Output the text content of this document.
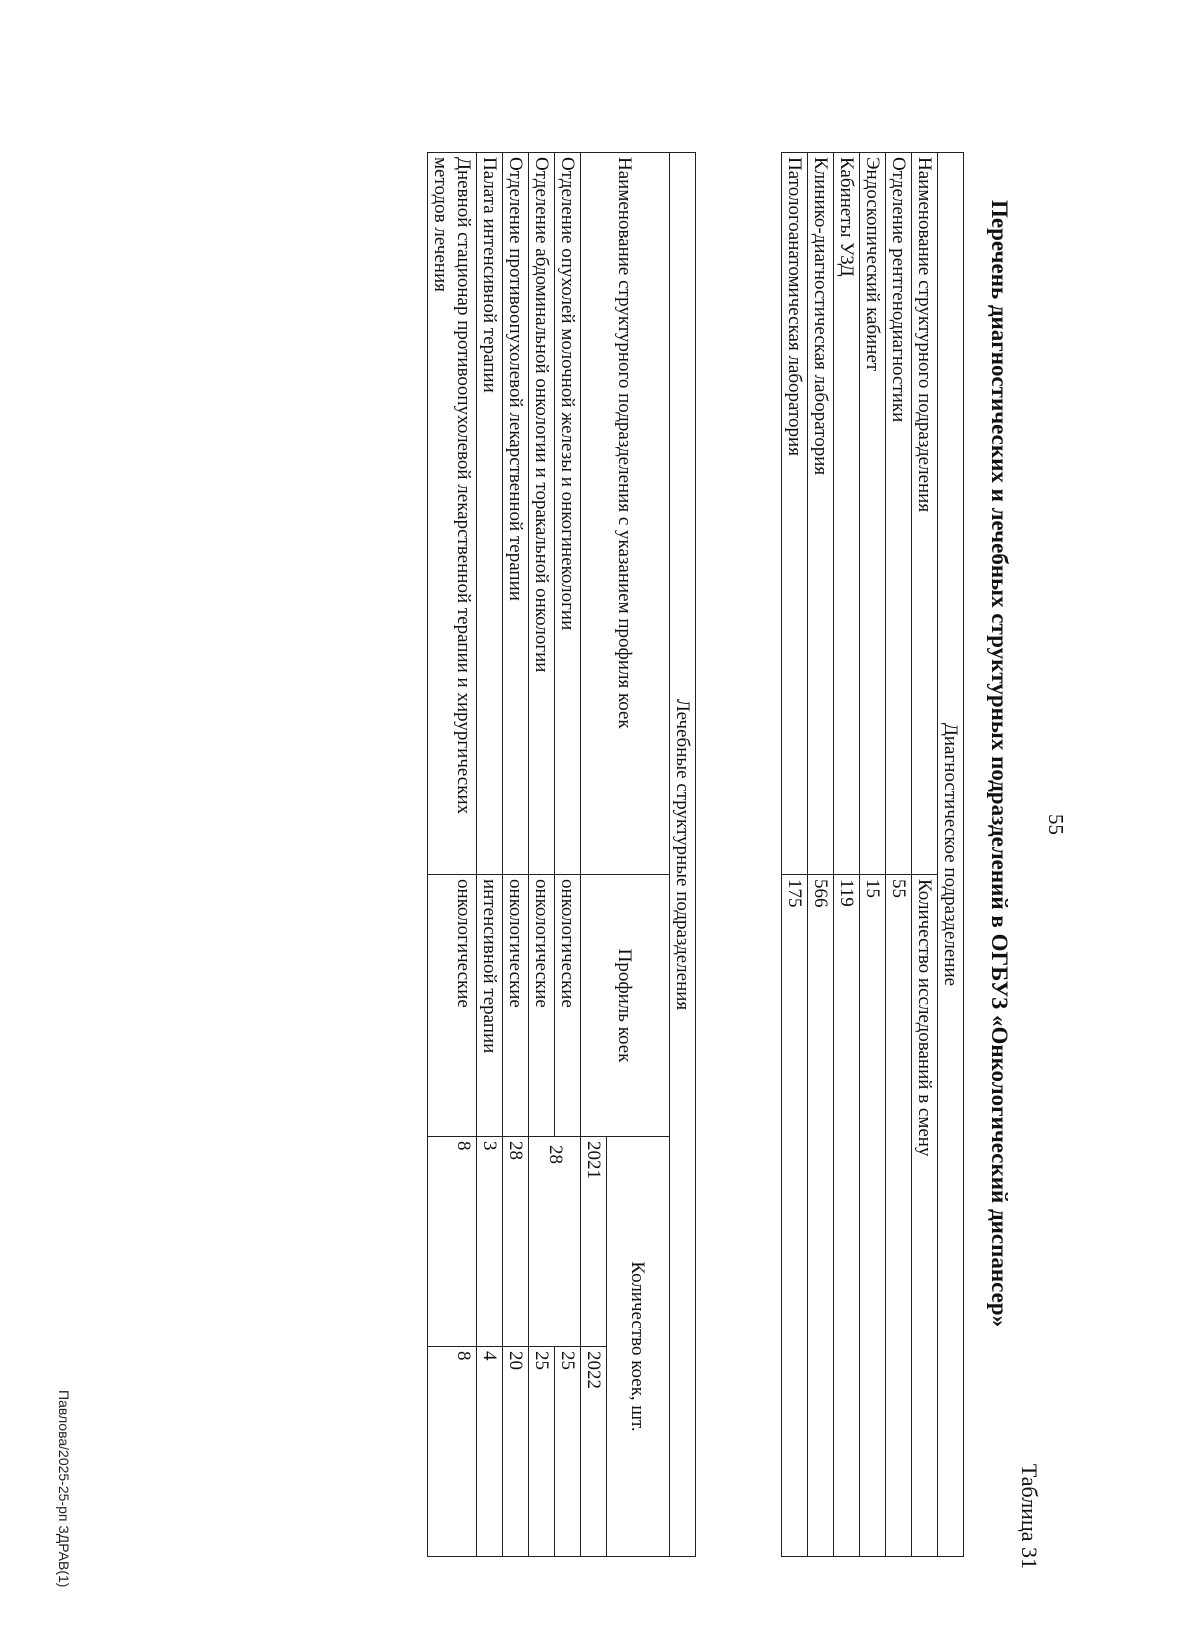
55
Таблица 31
Перечень диагностических и лечебных структурных подразделений в ОГБУЗ «Онкологический диспансер»
Диагностическое подразделение	
Наименование структурного подразделения	Количество исследований в смену
Отделение рентгенодиагностики	55
Эндоскопический кабинет	15
Кабинеты УЗД	119
Клинико-диагностическая лаборатория	566
Патологоанатомическая лаборатория	175
Лечебные структурные подразделения			
Наименование структурного подразделения с указанием профиля коек	Профиль коек	Количество коек, шт.	
		2021	2022
Отделение опухолей молочной железы и онкогинекологии	онкологические	28	25
Отделение абдоминальной онкологии и торакальной онкологии	онкологические		25
Отделение противоопухолевой лекарственной терапии	онкологические	28	20
Палата интенсивной терапии	интенсивной терапии	3	4
Дневной стационар противоопухолевой лекарственной терапии и хирургических методов лечения	онкологические	8	8
Павлова/2025-25-рп ЗДРАВ(1)
